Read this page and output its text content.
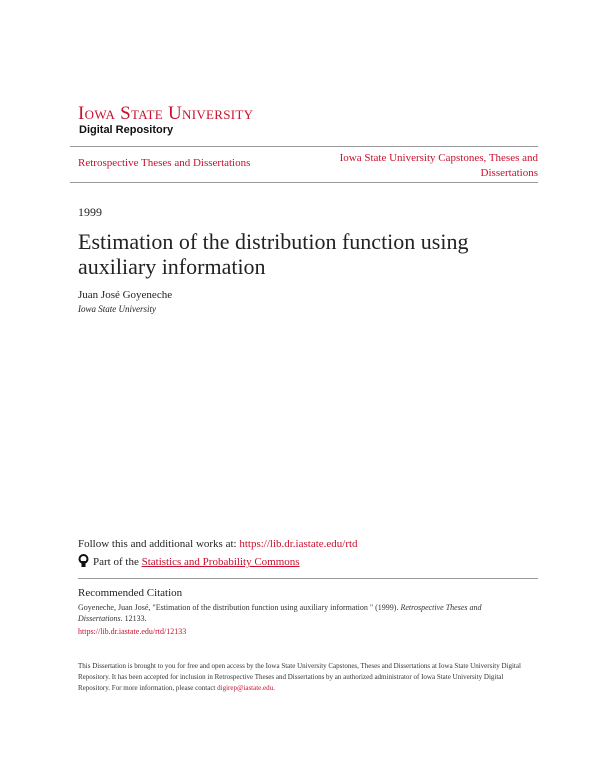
Iowa State University
Digital Repository
Retrospective Theses and Dissertations	Iowa State University Capstones, Theses and Dissertations
1999
Estimation of the distribution function using auxiliary information
Juan José Goyeneche
Iowa State University
Follow this and additional works at: https://lib.dr.iastate.edu/rtd
Part of the
Statistics and Probability Commons
Recommended Citation
Goyeneche, Juan José, "Estimation of the distribution function using auxiliary information " (1999). Retrospective Theses and Dissertations. 12133.
https://lib.dr.iastate.edu/rtd/12133
This Dissertation is brought to you for free and open access by the Iowa State University Capstones, Theses and Dissertations at Iowa State University Digital Repository. It has been accepted for inclusion in Retrospective Theses and Dissertations by an authorized administrator of Iowa State University Digital Repository. For more information, please contact digirep@iastate.edu.
